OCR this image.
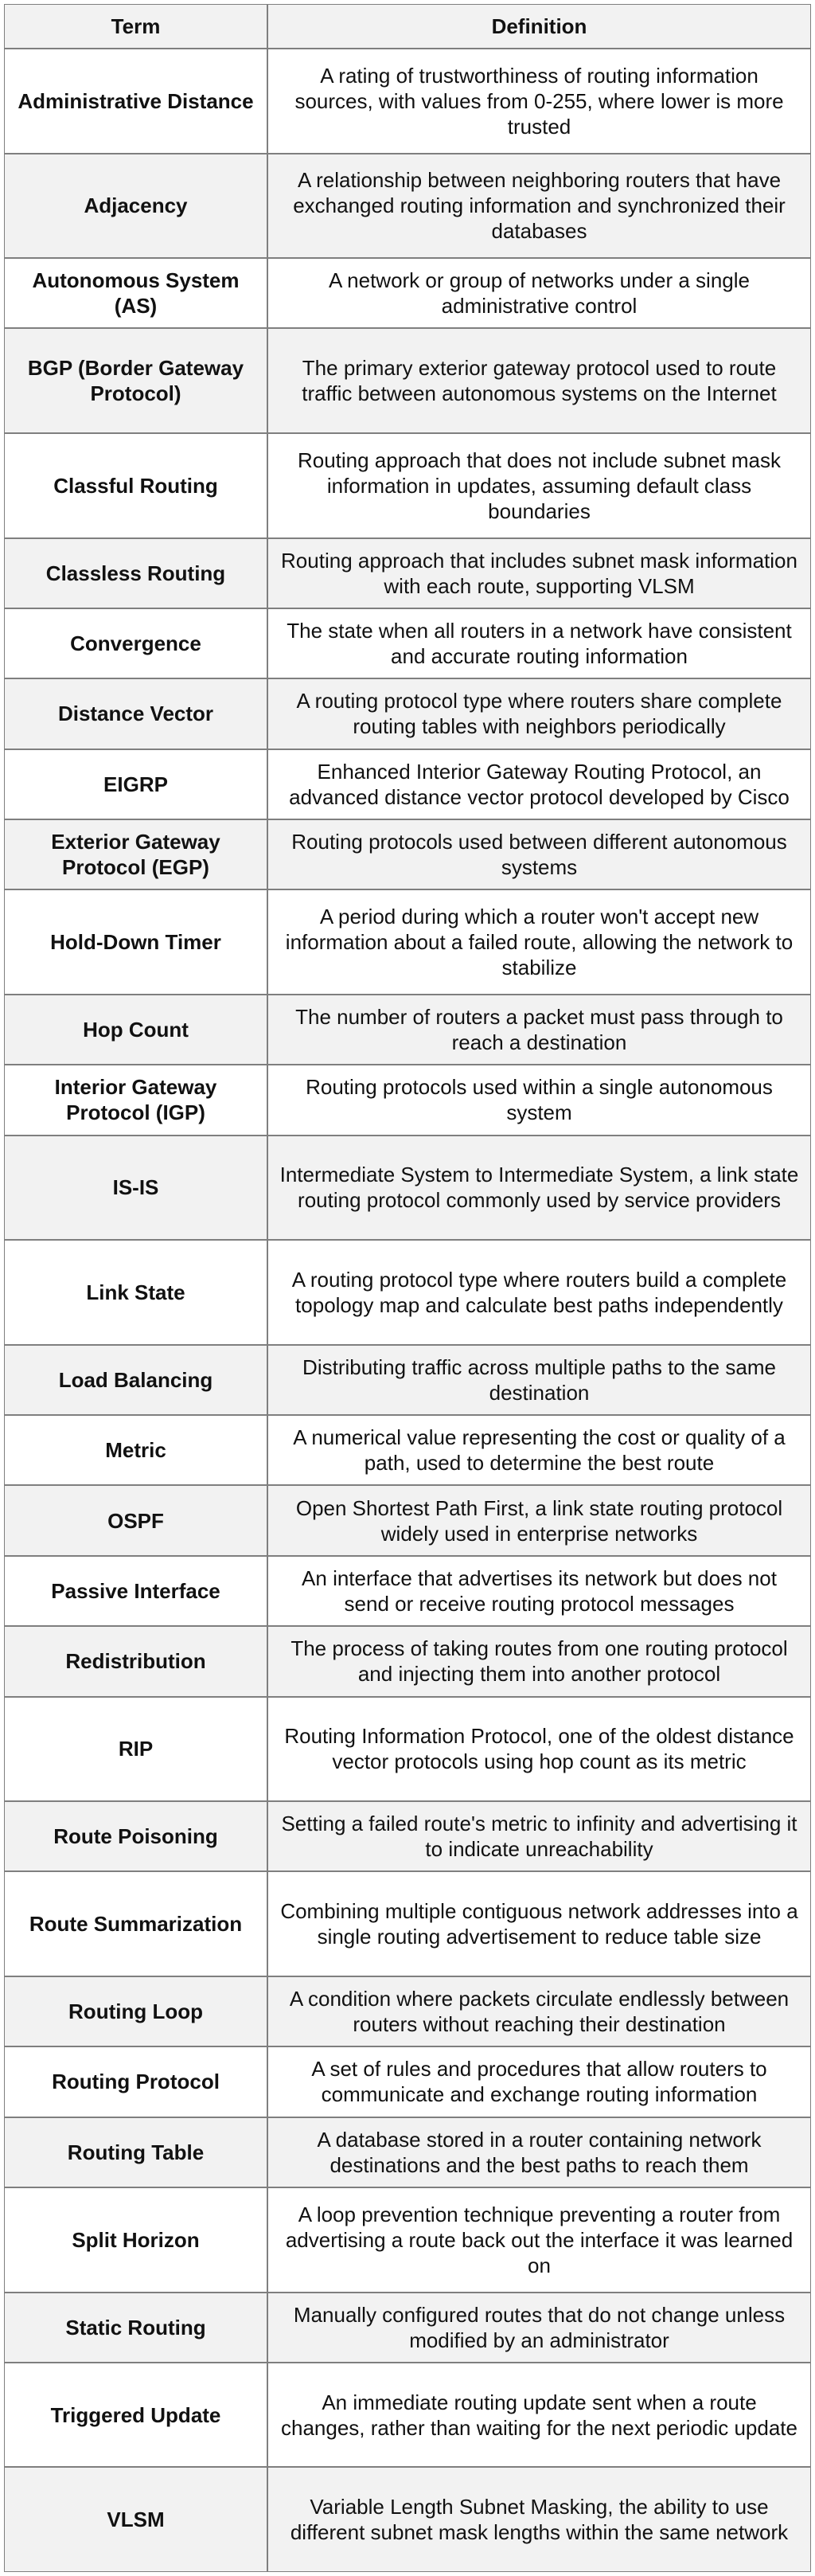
Term	Definition
Administrative Distance
A rating of trustworthiness of routing information sources, with values from 0-255, where lower is more trusted
Adjacency
A relationship between neighboring routers that have exchanged routing information and synchronized their databases
Autonomous System (AS)
A network or group of networks under a single administrative control
BGP (Border Gateway Protocol)
The primary exterior gateway protocol used to route traffic between autonomous systems on the Internet
Classful Routing
Routing approach that does not include subnet mask information in updates, assuming default class boundaries
Classless Routing
Routing approach that includes subnet mask information with each route, supporting VLSM
Convergence
The state when all routers in a network have consistent and accurate routing information
Distance Vector
A routing protocol type where routers share complete routing tables with neighbors periodically
EIGRP
Enhanced Interior Gateway Routing Protocol, an advanced distance vector protocol developed by Cisco
Exterior Gateway Protocol (EGP)
Routing protocols used between different autonomous systems
Hold-Down Timer
A period during which a router won't accept new information about a failed route, allowing the network to stabilize
Hop Count
The number of routers a packet must pass through to reach a destination
Interior Gateway Protocol (IGP)
Routing protocols used within a single autonomous system
IS-IS
Intermediate System to Intermediate System, a link state routing protocol commonly used by service providers
Link State
A routing protocol type where routers build a complete topology map and calculate best paths independently
Load Balancing
Distributing traffic across multiple paths to the same destination
Metric
A numerical value representing the cost or quality of a path, used to determine the best route
OSPF
Open Shortest Path First, a link state routing protocol widely used in enterprise networks
Passive Interface
An interface that advertises its network but does not send or receive routing protocol messages
Redistribution
The process of taking routes from one routing protocol and injecting them into another protocol
RIP
Routing Information Protocol, one of the oldest distance vector protocols using hop count as its metric
Route Poisoning
Setting a failed route's metric to infinity and advertising it to indicate unreachability
Route Summarization
Combining multiple contiguous network addresses into a single routing advertisement to reduce table size
Routing Loop
A condition where packets circulate endlessly between routers without reaching their destination
Routing Protocol
A set of rules and procedures that allow routers to communicate and exchange routing information
Routing Table
A database stored in a router containing network destinations and the best paths to reach them
Split Horizon
A loop prevention technique preventing a router from advertising a route back out the interface it was learned on
Static Routing
Manually configured routes that do not change unless modified by an administrator
Triggered Update
An immediate routing update sent when a route changes, rather than waiting for the next periodic update
VLSM
Variable Length Subnet Masking, the ability to use different subnet mask lengths within the same network
